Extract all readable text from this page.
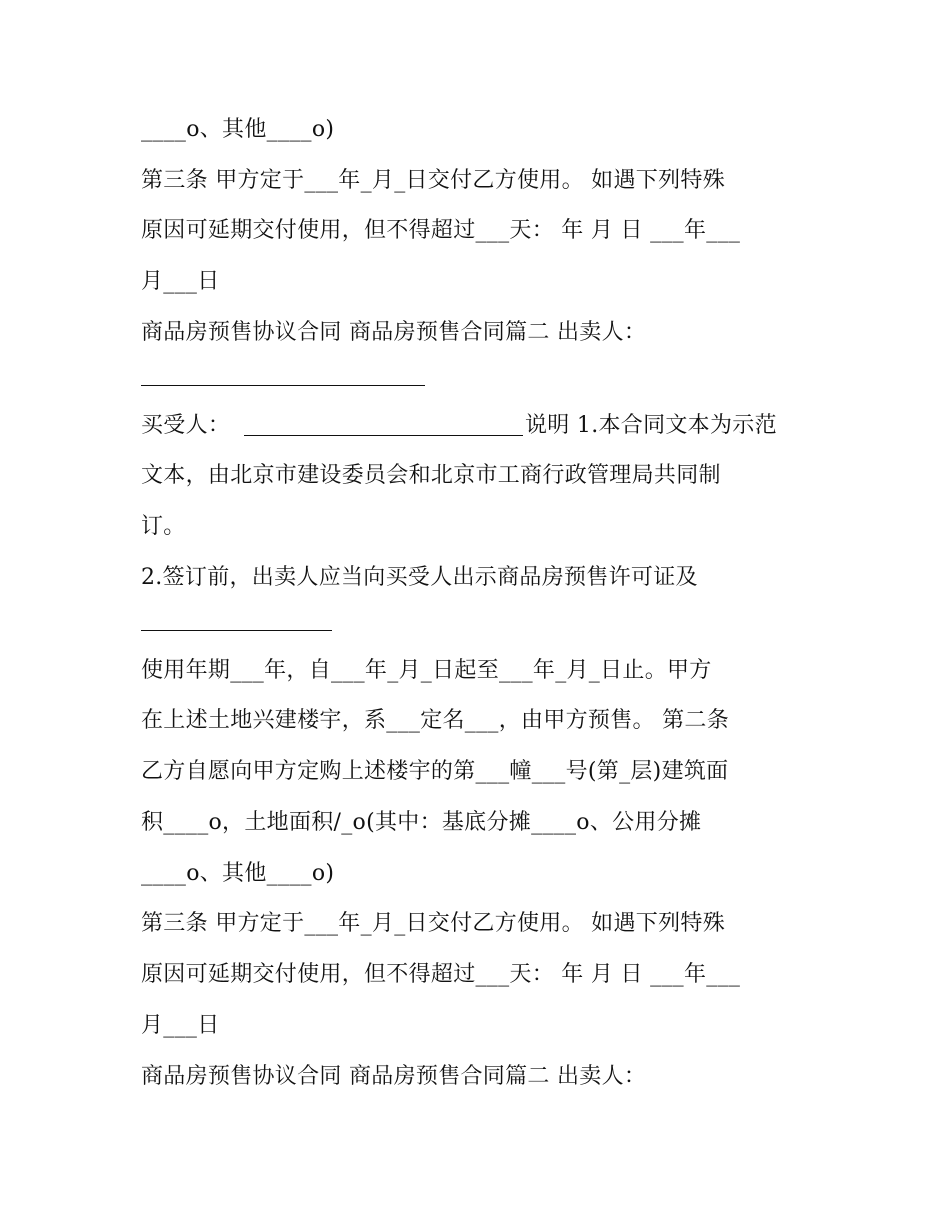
____o、其他____o)
第三条 甲方定于___年_月_日交付乙方使用。 如遇下列特殊
原因可延期交付使用，但不得超过___天： 年 月 日 ___年___
月___日
商品房预售协议合同 商品房预售合同篇二 出卖人：
买受人：	说明 1.本合同文本为示范
文本，由北京市建设委员会和北京市工商行政管理局共同制
订。
2.签订前，出卖人应当向买受人出示商品房预售许可证及
使用年期___年，自___年_月_日起至___年_月_日止。甲方
在上述土地兴建楼宇，系___定名___，由甲方预售。 第二条
乙方自愿向甲方定购上述楼宇的第___幢___号(第_层)建筑面
积____o，土地面积/_o(其中：基底分摊____o、公用分摊
____o、其他____o)
第三条 甲方定于___年_月_日交付乙方使用。 如遇下列特殊
原因可延期交付使用，但不得超过___天： 年 月 日 ___年___
月___日
商品房预售协议合同 商品房预售合同篇二 出卖人：
